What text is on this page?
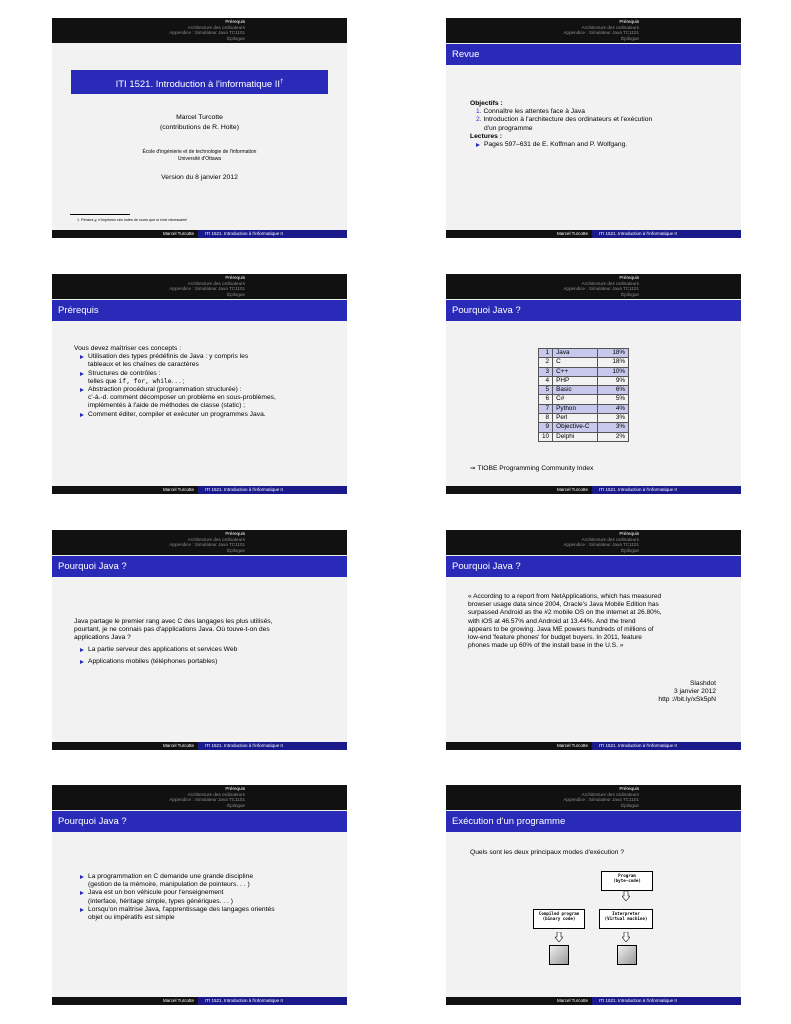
Prérequis
Architecture des ordinateurs
Appendice : Simulateur Java TC1101
Épilogue
ITI 1521. Introduction à l'informatique II†
Marcel Turcotte
(contributions de R. Holte)
École d'ingénierie et de technologie de l'information
Université d'Ottawa
Version du 8 janvier 2012
†. Pensez-y, n'imprimez ces notes de cours que si c'est nécessaire!
Marcel Turcotte ITI 1521. Introduction à l'informatique II
Prérequis
Architecture des ordinateurs
Appendice : Simulateur Java TC1101
Épilogue
Revue
Objectifs :
1. Connaître les attentes face à Java
2. Introduction à l'architecture des ordinateurs et l'exécution
d'un programme
Lectures :
Pages 597–631 de E. Koffman and P. Wolfgang.
Marcel Turcotte ITI 1521. Introduction à l'informatique II
Prérequis
Architecture des ordinateurs
Appendice : Simulateur Java TC1101
Épilogue
Prérequis
Vous devez maîtriser ces concepts :
Utilisation des types prédéfinis de Java : y compris les
tableaux et les chaînes de caractères
Structures de contrôles :
telles que if, for, while. . . ;
Abstraction procédural (programmation structurée) :
c'-à.-d. comment décomposer un problème en sous-problèmes,
implémentés à l'aide de méthodes de classe (static) ;
Comment éditer, compiler et exécuter un programmes Java.
Marcel Turcotte ITI 1521. Introduction à l'informatique II
Prérequis
Architecture des ordinateurs
Appendice : Simulateur Java TC1101
Épilogue
Pourquoi Java ?
1	Java	18%
2	C	18%
3	C++	10%
4	PHP	9%
5	Basic	6%
6	C#	5%
7	Python	4%
8	Perl	3%
9	Objective-C	3%
10	Delphi	2%
⇒ TIOBE Programming Community Index
Marcel Turcotte ITI 1521. Introduction à l'informatique II
Prérequis
Architecture des ordinateurs
Appendice : Simulateur Java TC1101
Épilogue
Pourquoi Java ?
Java partage le premier rang avec C des langages les plus utilisés,
pourtant, je ne connais pas d'applications Java. Où touve-t-on des
applications Java ?
La partie serveur des applications et services Web
Applications mobiles (téléphones portables)
Marcel Turcotte ITI 1521. Introduction à l'informatique II
Prérequis
Architecture des ordinateurs
Appendice : Simulateur Java TC1101
Épilogue
Pourquoi Java ?
« According to a report from NetApplications, which has measured
browser usage data since 2004, Oracle's Java Mobile Edition has
surpassed Android as the #2 mobile OS on the internet at 26.80%,
with iOS at 46.57% and Android at 13.44%. And the trend
appears to be growing. Java ME powers hundreds of millions of
low-end 'feature phones' for budget buyers. In 2011, feature
phones made up 60% of the install base in the U.S. »
Slashdot
3 janvier 2012
http ://bit.ly/xSk5pN
Marcel Turcotte ITI 1521. Introduction à l'informatique II
Prérequis
Architecture des ordinateurs
Appendice : Simulateur Java TC1101
Épilogue
Pourquoi Java ?
La programmation en C demande une grande discipline
(gestion de la mémoire, manipulation de pointeurs. . . )
Java est un bon véhicule pour l'enseignement
(interface, héritage simple, types génériques. . . )
Lorsqu'on maîtrise Java, l'apprentissage des langages orientés
objet ou impératifs est simple
Marcel Turcotte ITI 1521. Introduction à l'informatique II
Prérequis
Architecture des ordinateurs
Appendice : Simulateur Java TC1101
Épilogue
Exécution d'un programme
Quels sont les deux principaux modes d'exécution ?
Program
(byte-code)
Compiled program
(binary code)
Interpreter
(Virtual machine)
Marcel Turcotte ITI 1521. Introduction à l'informatique II
